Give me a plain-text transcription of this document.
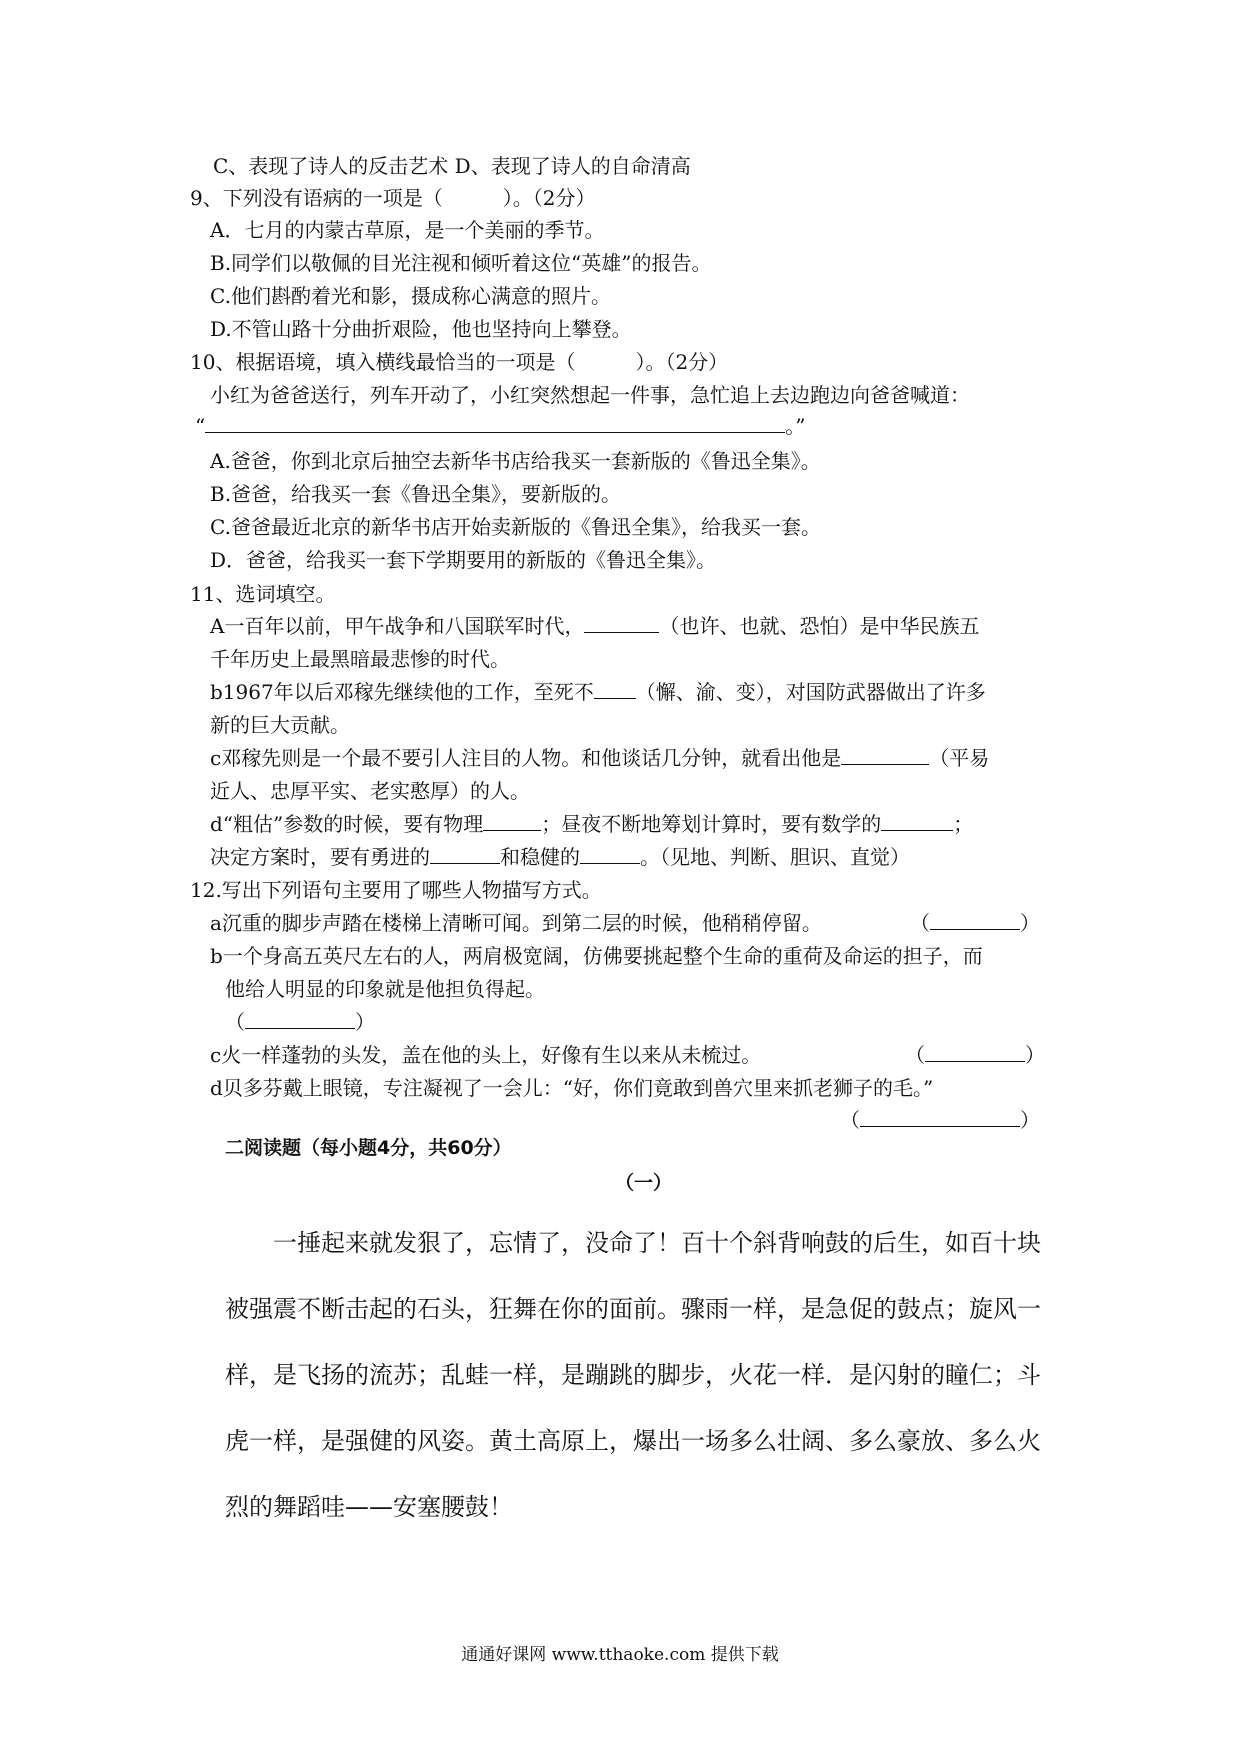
C、表现了诗人的反击艺术 D、表现了诗人的自命清高
9、下列没有语病的一项是（	）。（2分）
A．七月的内蒙古草原，是一个美丽的季节。
B.同学们以敬佩的目光注视和倾听着这位“英雄”的报告。
C.他们斟酌着光和影，摄成称心满意的照片。
D.不管山路十分曲折艰险，他也坚持向上攀登。
10、根据语境，填入横线最恰当的一项是（	）。（2分）
小红为爸爸送行，列车开动了，小红突然想起一件事，急忙追上去边跑边向爸爸喊道：
“	。”
A.爸爸，你到北京后抽空去新华书店给我买一套新版的《鲁迅全集》。
B.爸爸，给我买一套《鲁迅全集》，要新版的。
C.爸爸最近北京的新华书店开始卖新版的《鲁迅全集》，给我买一套。
D．爸爸，给我买一套下学期要用的新版的《鲁迅全集》。
11、选词填空。
A一百年以前，甲午战争和八国联军时代，	（也许、也就、恐怕）是中华民族五
千年历史上最黑暗最悲惨的时代。
b1967年以后邓稼先继续他的工作，至死不 （懈、渝、变），对国防武器做出了许多
新的巨大贡献。
c邓稼先则是一个最不要引人注目的人物。和他谈话几分钟，就看出他是	（平易
近人、忠厚平实、老实憨厚）的人。
d“粗估”参数的时候，要有物理	；昼夜不断地筹划计算时，要有数学的	；
决定方案时，要有勇进的	和稳健的	。（见地、判断、胆识、直觉）
12.写出下列语句主要用了哪些人物描写方式。
a沉重的脚步声踏在楼梯上清晰可闻。到第二层的时候，他稍稍停留。	（	）
b一个身高五英尺左右的人，两肩极宽阔，仿佛要挑起整个生命的重荷及命运的担子，而
他给人明显的印象就是他担负得起。
（	）
c火一样蓬勃的头发，盖在他的头上，好像有生以来从未梳过。	（	）
d贝多芬戴上眼镜，专注凝视了一会儿：“好，你们竟敢到兽穴里来抓老狮子的毛。”
（	）
二阅读题（每小题4分，共60分）
（一）
一捶起来就发狠了，忘情了，没命了！百十个斜背响鼓的后生，如百十块被强震不断击起的石头，狂舞在你的面前。骤雨一样，是急促的鼓点；旋风一样，是飞扬的流苏；乱蛙一样，是蹦跳的脚步，火花一样．是闪射的瞳仁；斗虎一样，是强健的风姿。黄土高原上，爆出一场多么壮阔、多么豪放、多么火烈的舞蹈哇——安塞腰鼓！
通通好课网 www.tthaoke.com 提供下载
